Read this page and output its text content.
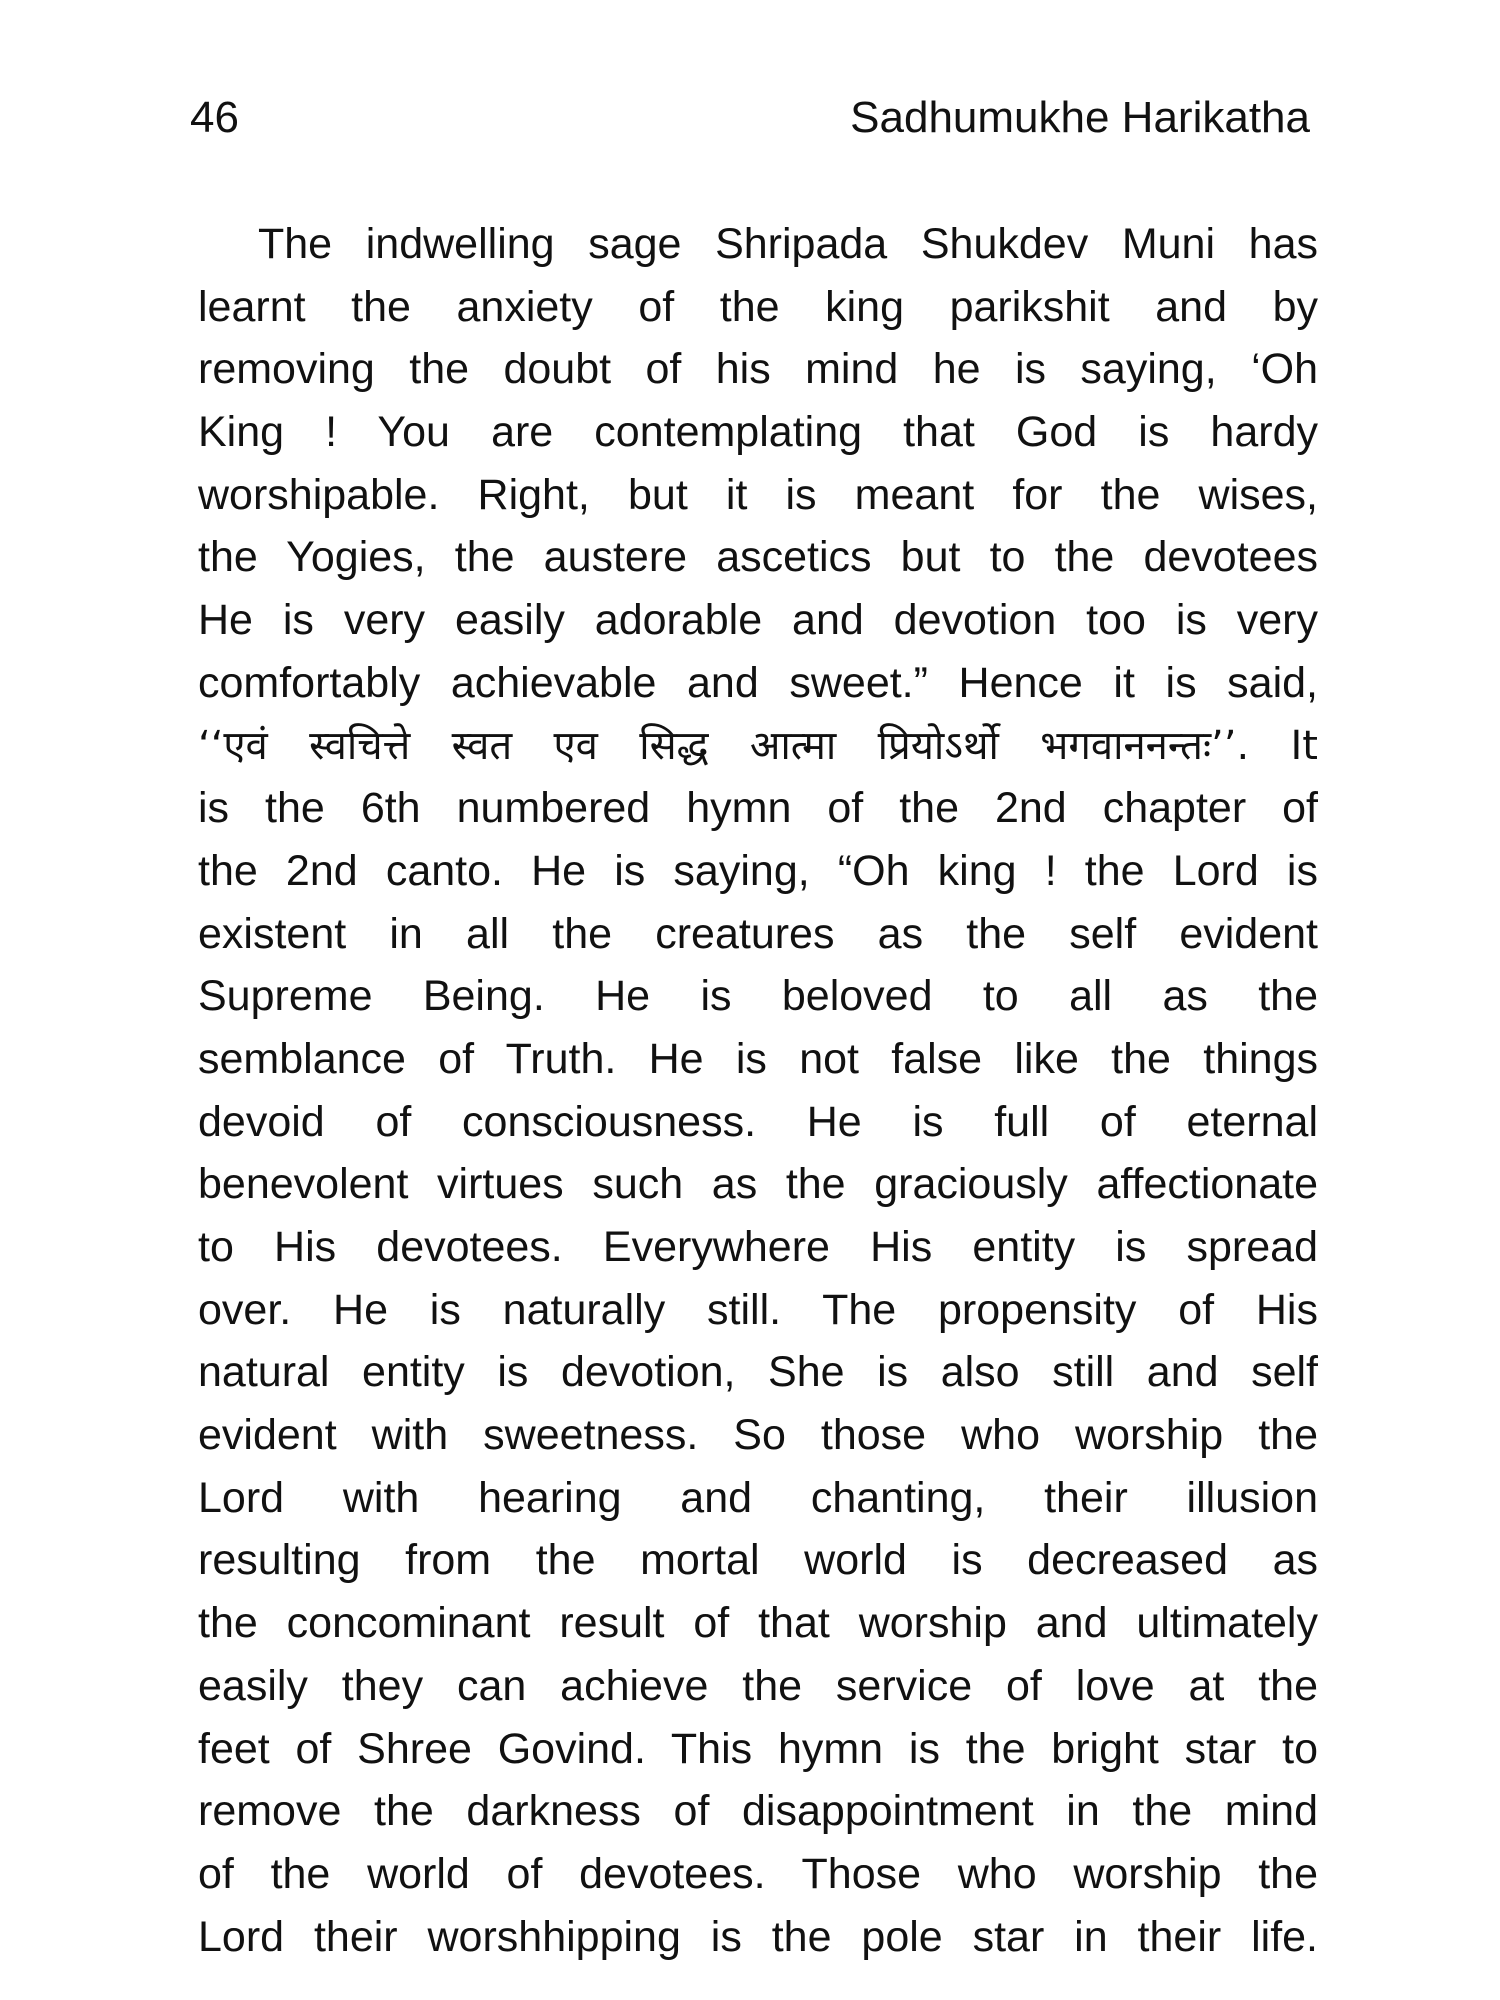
46	Sadhumukhe Harikatha
The indwelling sage Shripada Shukdev Muni has
learnt the anxiety of the king parikshit and by
removing the doubt of his mind he is saying, ‘Oh
King ! You are contemplating that God is hardy
worshipable. Right, but it is meant for the wises,
the Yogies, the austere ascetics but to the devotees
He is very easily adorable and devotion too is very
comfortably achievable and sweet.” Hence it is said,
‘‘एवं स्वचित्ते स्वत एव सिद्ध आत्मा प्रियोऽर्थो भगवाननन्तः’’. It
is the 6th numbered hymn of the 2nd chapter of
the 2nd canto. He is saying, “Oh king ! the Lord is
existent in all the creatures as the self evident
Supreme Being. He is beloved to all as the
semblance of Truth. He is not false like the things
devoid of consciousness. He is full of eternal
benevolent virtues such as the graciously affectionate
to His devotees. Everywhere His entity is spread
over. He is naturally still. The propensity of His
natural entity is devotion, She is also still and self
evident with sweetness. So those who worship the
Lord with hearing and chanting, their illusion
resulting from the mortal world is decreased as
the concominant result of that worship and ultimately
easily they can achieve the service of love at the
feet of Shree Govind. This hymn is the bright star to
remove the darkness of disappointment in the mind
of the world of devotees. Those who worship the
Lord their worshhipping is the pole star in their life.
